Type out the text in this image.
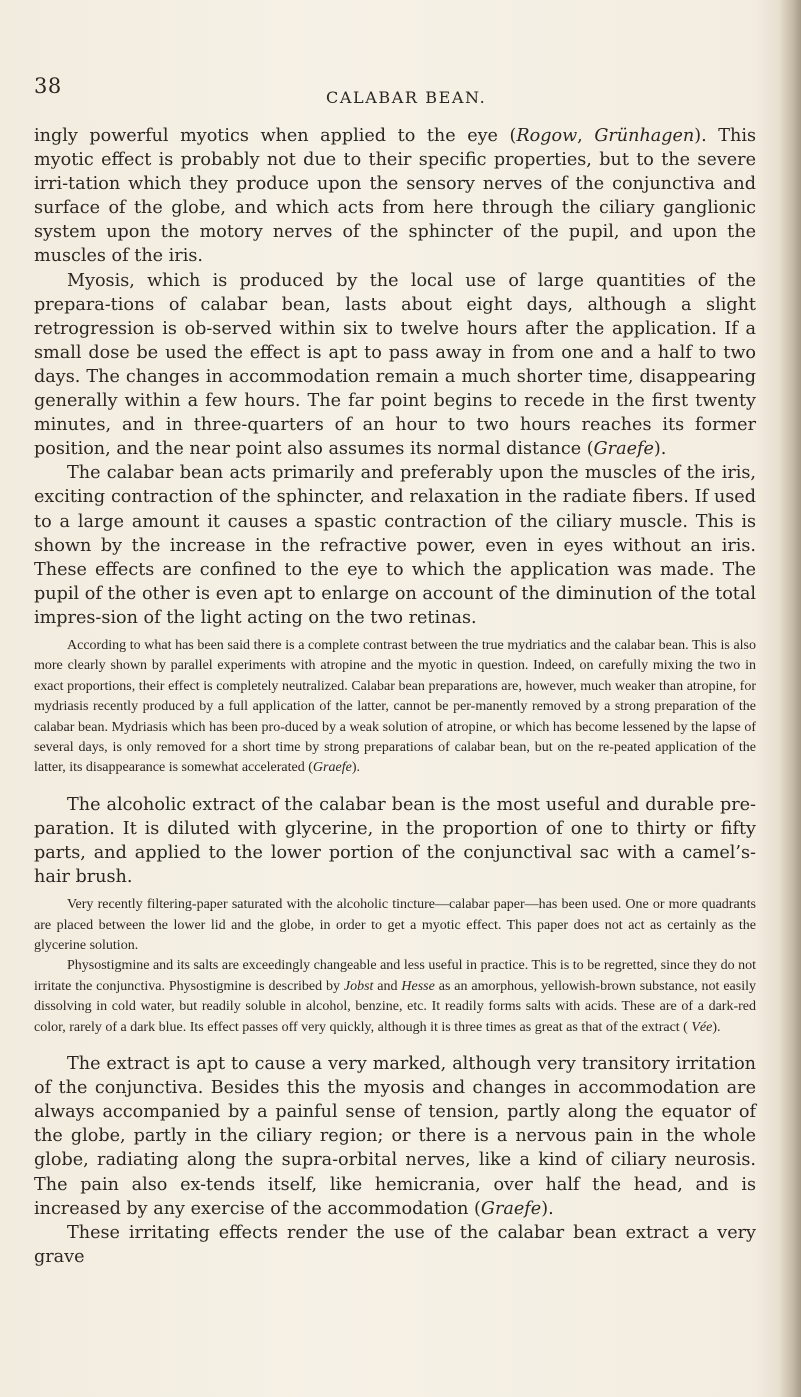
38	CALABAR BEAN.

ingly powerful myotics when applied to the eye (Rogow, Grünhagen). This myotic effect is probably not due to their specific properties, but to the severe irri-tation which they produce upon the sensory nerves of the conjunctiva and surface of the globe, and which acts from here through the ciliary ganglionic system upon the motory nerves of the sphincter of the pupil, and upon the muscles of the iris.

Myosis, which is produced by the local use of large quantities of the prepara-tions of calabar bean, lasts about eight days, although a slight retrogression is ob-served within six to twelve hours after the application. If a small dose be used the effect is apt to pass away in from one and a half to two days. The changes in accommodation remain a much shorter time, disappearing generally within a few hours. The far point begins to recede in the first twenty minutes, and in three-quarters of an hour to two hours reaches its former position, and the near point also assumes its normal distance (Graefe).

The calabar bean acts primarily and preferably upon the muscles of the iris, exciting contraction of the sphincter, and relaxation in the radiate fibers. If used to a large amount it causes a spastic contraction of the ciliary muscle. This is shown by the increase in the refractive power, even in eyes without an iris. These effects are confined to the eye to which the application was made. The pupil of the other is even apt to enlarge on account of the diminution of the total impres-sion of the light acting on the two retinas.

According to what has been said there is a complete contrast between the true mydriatics and the calabar bean. This is also more clearly shown by parallel experiments with atropine and the myotic in question. Indeed, on carefully mixing the two in exact proportions, their effect is completely neutralized. Calabar bean preparations are, however, much weaker than atropine, for mydriasis recently produced by a full application of the latter, cannot be per-manently removed by a strong preparation of the calabar bean. Mydriasis which has been pro-duced by a weak solution of atropine, or which has become lessened by the lapse of several days, is only removed for a short time by strong preparations of calabar bean, but on the re-peated application of the latter, its disappearance is somewhat accelerated (Graefe).

The alcoholic extract of the calabar bean is the most useful and durable pre-paration. It is diluted with glycerine, in the proportion of one to thirty or fifty parts, and applied to the lower portion of the conjunctival sac with a camel’s-hair brush.

Very recently filtering-paper saturated with the alcoholic tincture—calabar paper—has been used. One or more quadrants are placed between the lower lid and the globe, in order to get a myotic effect. This paper does not act as certainly as the glycerine solution.

Physostigmine and its salts are exceedingly changeable and less useful in practice. This is to be regretted, since they do not irritate the conjunctiva. Physostigmine is described by Jobst and Hesse as an amorphous, yellowish-brown substance, not easily dissolving in cold water, but readily soluble in alcohol, benzine, etc. It readily forms salts with acids. These are of a dark-red color, rarely of a dark blue. Its effect passes off very quickly, although it is three times as great as that of the extract ( Vée).

The extract is apt to cause a very marked, although very transitory irritation of the conjunctiva. Besides this the myosis and changes in accommodation are always accompanied by a painful sense of tension, partly along the equator of the globe, partly in the ciliary region; or there is a nervous pain in the whole globe, radiating along the supra-orbital nerves, like a kind of ciliary neurosis. The pain also ex-tends itself, like hemicrania, over half the head, and is increased by any exercise of the accommodation (Graefe).

These irritating effects render the use of the calabar bean extract a very grave
